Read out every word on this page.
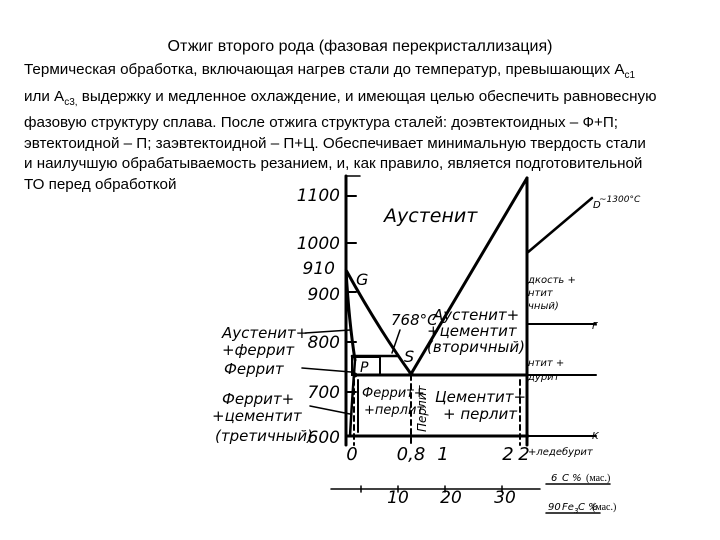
Отжиг второго рода (фазовая перекристаллизация)

Термическая обработка, включающая нагрев стали до температур, превышающих $А_{c1}$

или $А_{c3,}$ выдержку и медленное охлаждение, и имеющая целью обеспечить равновесную

фазовую структуру сплава. После отжига структура сталей: доэвтектоидных – Ф+П;

эвтектоидной – П; заэвтектоидной – П+Ц. Обеспечивает минимальную твердость стали

и наилучшую обрабатываемость резанием, и, как правило, является подготовительной

ТО перед обработкой

1100
1000
910
900
800
700
600
0 0,8 1	2 2
G
P
S
D
~1300°C
F
K
768°C
Аустенит
Аустенит+
+феррит
Феррит
Феррит+
+цементит
(третичный)
Феррит+
+перлит
Перлит
Аустенит+
+цементит
(вторичный)
Цементит+
+ перлит
дкость +
нтит
чный)
нтит +
дурит
+ледебурит
10 20 30
6 С % (мас.)
90 Fe 3 C %
(мас.)
